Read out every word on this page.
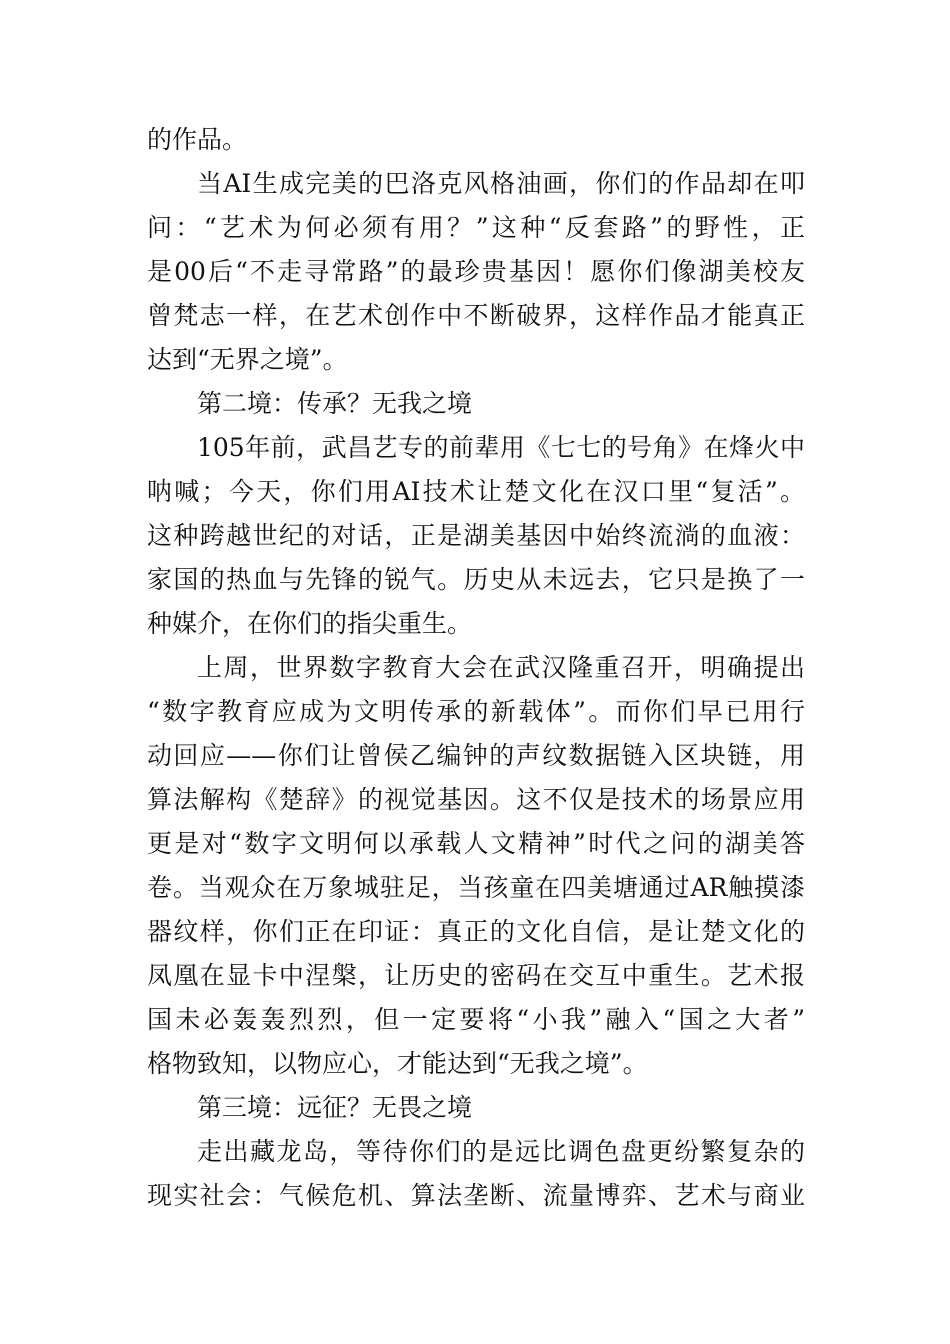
的作品。
当AI生成完美的巴洛克风格油画，你们的作品却在叩
问：“艺术为何必须有用？”这种“反套路”的野性，正
是00后“不走寻常路”的最珍贵基因！愿你们像湖美校友
曾梵志一样，在艺术创作中不断破界，这样作品才能真正
达到“无界之境”。
第二境：传承？无我之境
105年前，武昌艺专的前辈用《七七的号角》在烽火中
呐喊；今天，你们用AI技术让楚文化在汉口里“复活”。
这种跨越世纪的对话，正是湖美基因中始终流淌的血液：
家国的热血与先锋的锐气。历史从未远去，它只是换了一
种媒介，在你们的指尖重生。
上周，世界数字教育大会在武汉隆重召开，明确提出
“数字教育应成为文明传承的新载体”。而你们早已用行
动回应——你们让曾侯乙编钟的声纹数据链入区块链，用
算法解构《楚辞》的视觉基因。这不仅是技术的场景应用
更是对“数字文明何以承载人文精神”时代之问的湖美答
卷。当观众在万象城驻足，当孩童在四美塘通过AR触摸漆
器纹样，你们正在印证：真正的文化自信，是让楚文化的
凤凰在显卡中涅槃，让历史的密码在交互中重生。艺术报
国未必轰轰烈烈，但一定要将“小我”融入“国之大者”
格物致知，以物应心，才能达到“无我之境”。
第三境：远征？无畏之境
走出藏龙岛，等待你们的是远比调色盘更纷繁复杂的
现实社会：气候危机、算法垄断、流量博弈、艺术与商业
